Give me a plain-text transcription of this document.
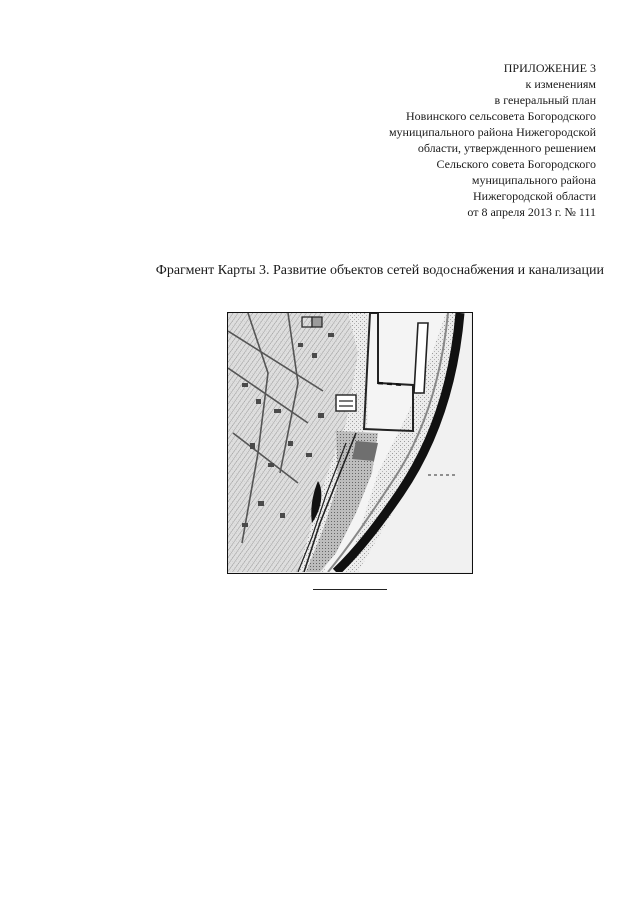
ПРИЛОЖЕНИЕ 3
к изменениям
в генеральный план
Новинского сельсовета Богородского
муниципального района Нижегородской
области, утвержденного решением
Сельского совета Богородского
муниципального района
Нижегородской области
от 8 апреля 2013 г. № 111
Фрагмент Карты 3. Развитие объектов сетей водоснабжения и канализации
